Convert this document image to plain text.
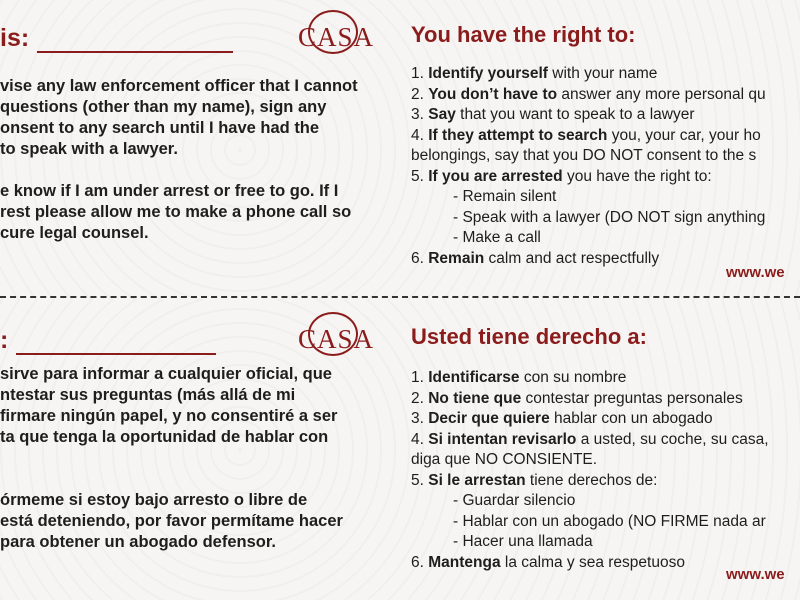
is:	CASA
vise any law enforcement officer that I cannot
questions (other than my name), sign any
onsent to any search until I have had the
to speak with a lawyer.

e know if I am under arrest or free to go. If I
rest please allow me to make a phone call so
cure legal counsel.
You have the right to:
1. Identify yourself with your name
2. You don’t have to answer any more personal qu
3. Say that you want to speak to a lawyer
4. If they attempt to search you, your car, your ho
belongings, say that you DO NOT consent to the s
5. If you are arrested you have the right to:
- Remain silent
- Speak with a lawyer (DO NOT sign anything
- Make a call
6. Remain calm and act respectfully
www.we
:	CASA
sirve para informar a cualquier oficial, que
ntestar sus preguntas (más allá de mi
firmare ningún papel, y no consentiré a ser
ta que tenga la oportunidad de hablar con

órmeme si estoy bajo arresto o libre de
está deteniendo, por favor permítame hacer
para obtener un abogado defensor.
Usted tiene derecho a:
1. Identificarse con su nombre
2. No tiene que contestar preguntas personales
3. Decir que quiere hablar con un abogado
4. Si intentan revisarlo a usted, su coche, su casa,
diga que NO CONSIENTE.
5. Si le arrestan tiene derechos de:
- Guardar silencio
- Hablar con un abogado (NO FIRME nada ar
- Hacer una llamada
6. Mantenga la calma y sea respetuoso
www.we
